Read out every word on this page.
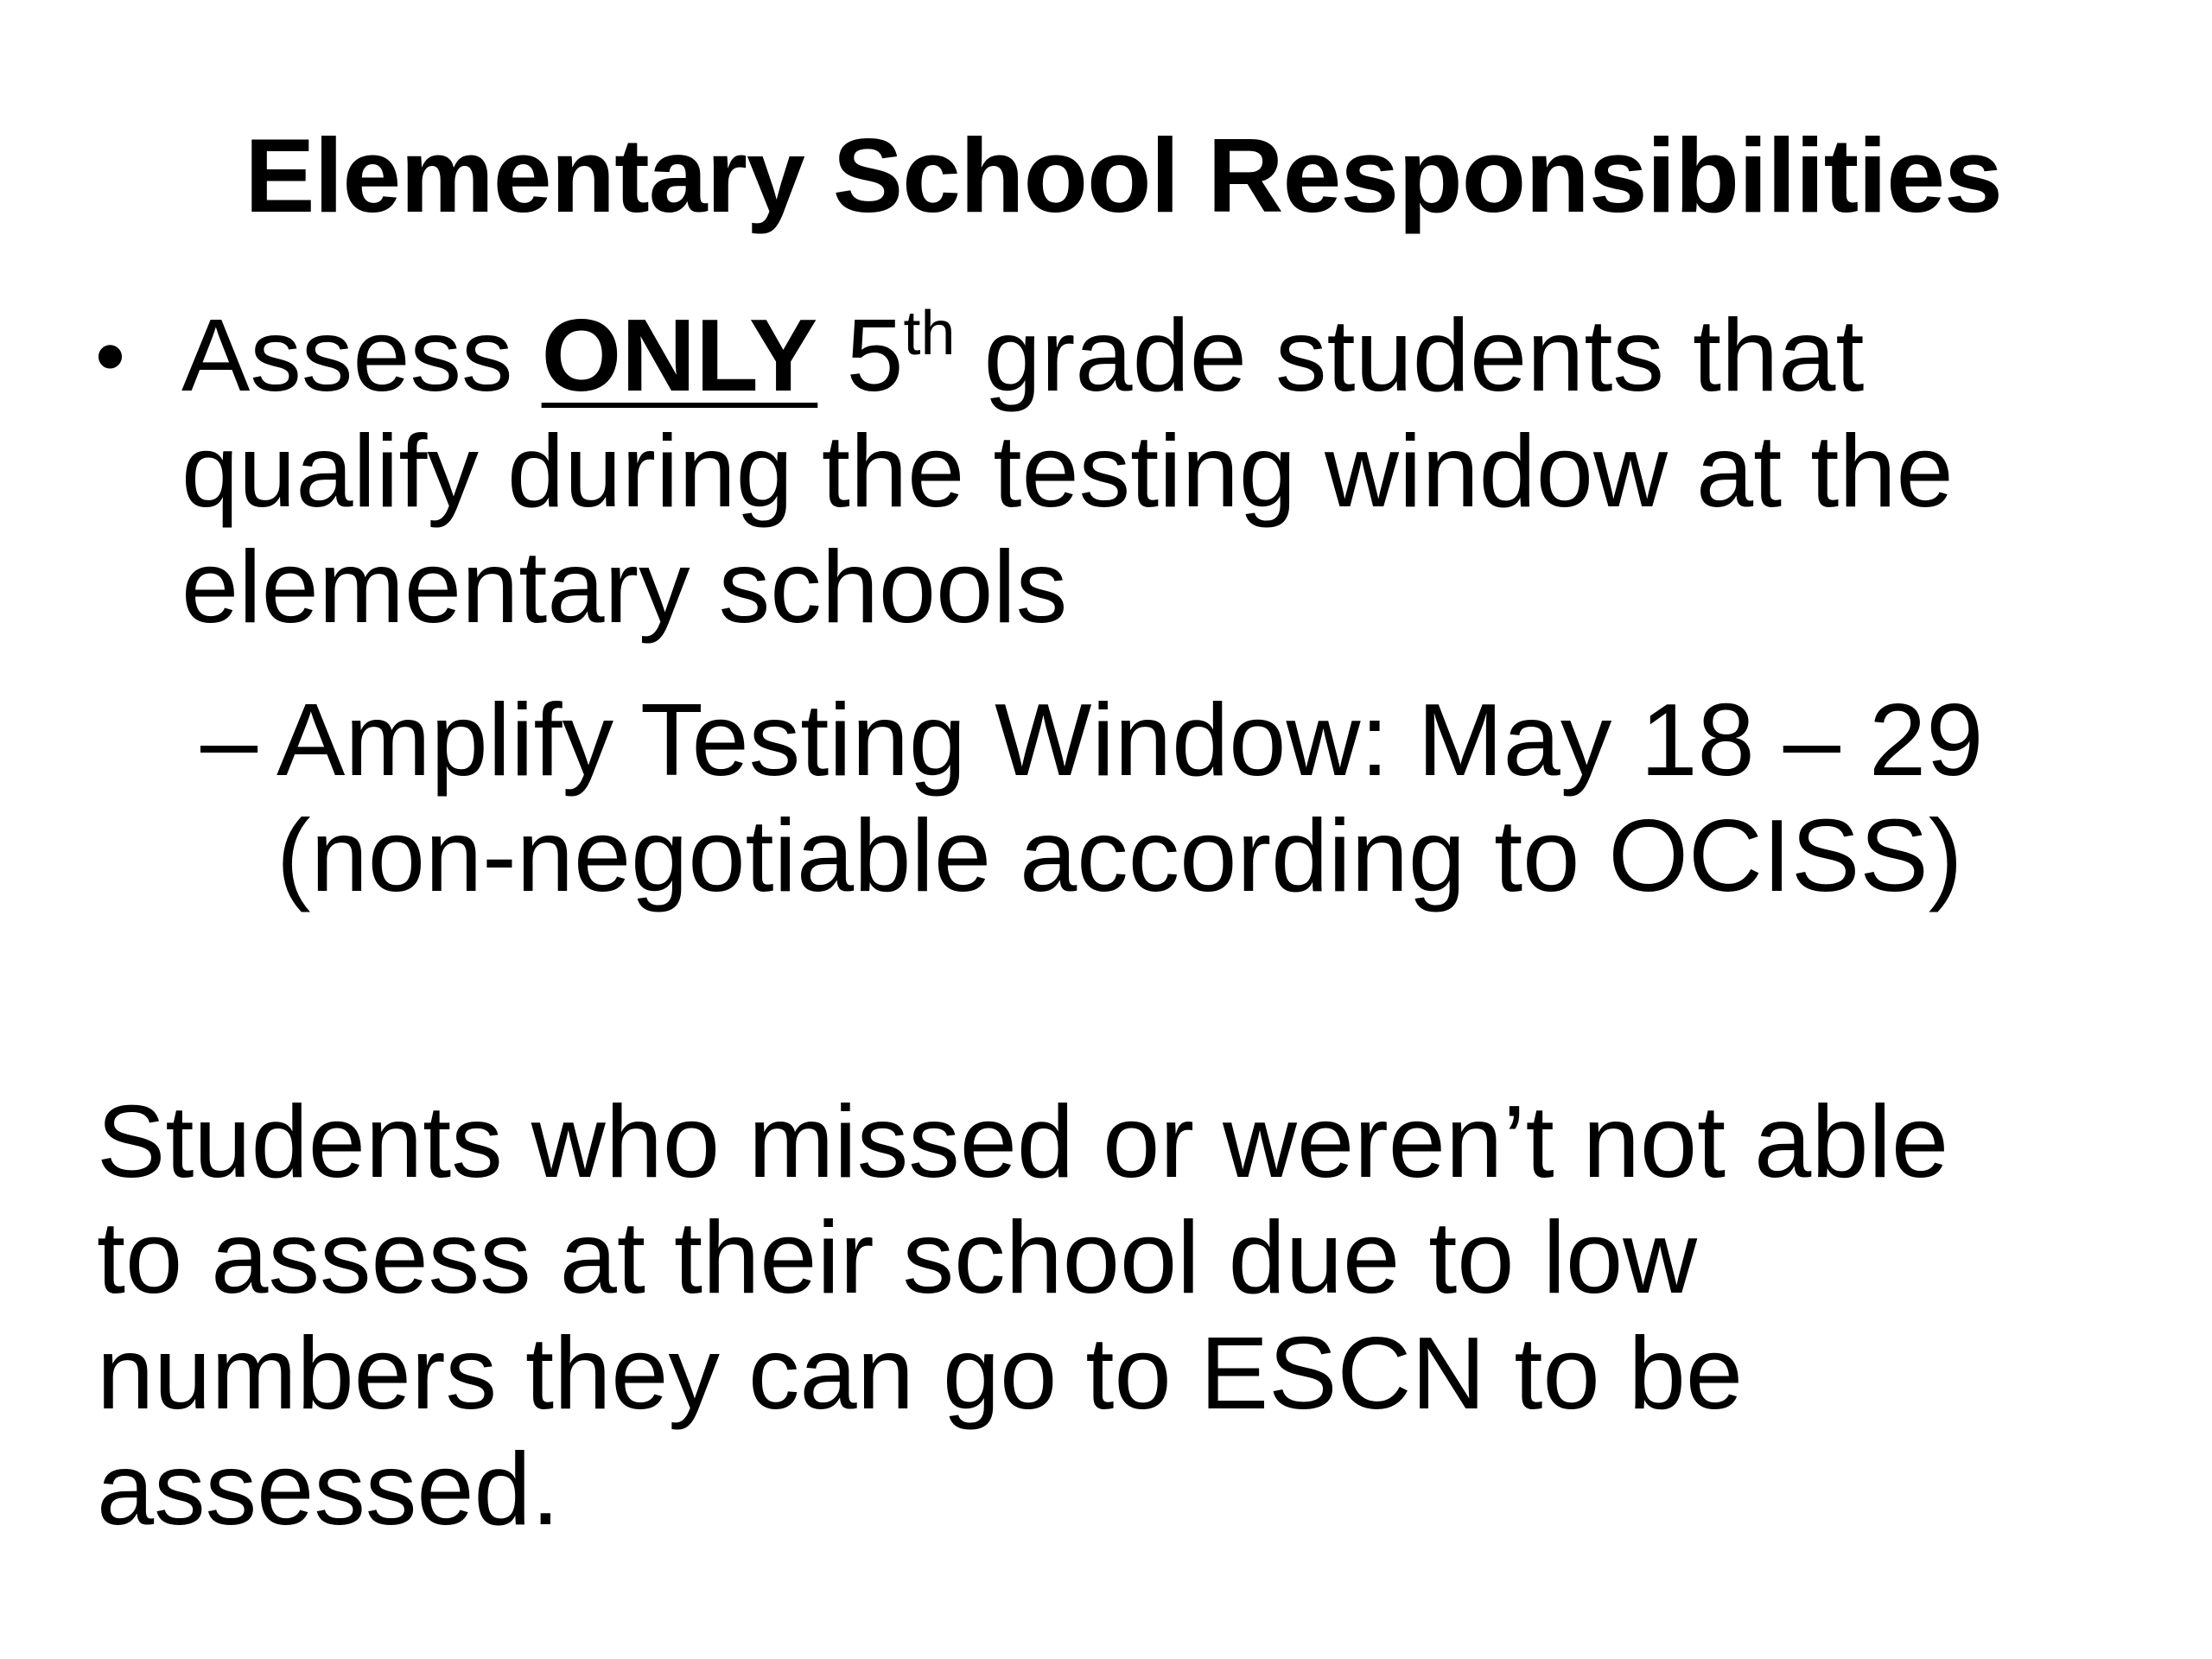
Elementary School Responsibilities
• Assess ONLY 5th grade students that
qualify during the testing window at the
elementary schools
– Amplify Testing Window: May 18 – 29
(non-negotiable according to OCISS)
Students who missed or weren’t not able
to assess at their school due to low
numbers they can go to ESCN to be
assessed.
